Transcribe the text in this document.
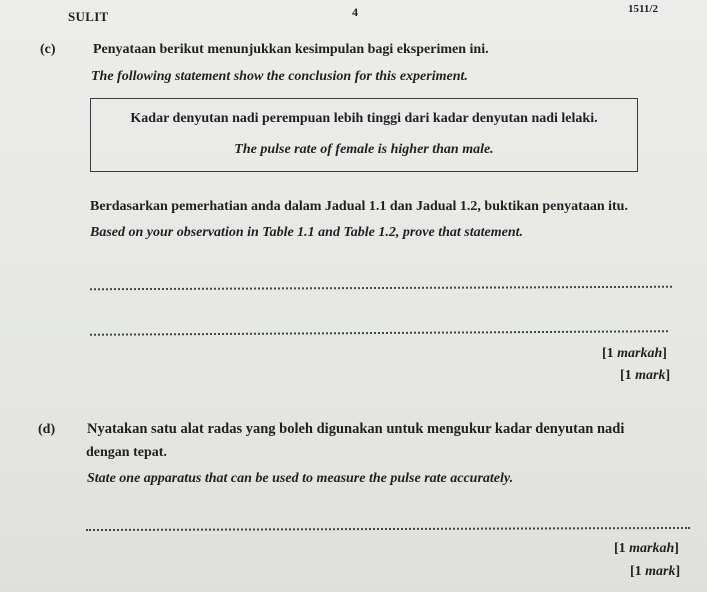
SULIT	4	1511/2
(c)	Penyataan berikut menunjukkan kesimpulan bagi eksperimen ini.
The following statement show the conclusion for this experiment.
Kadar denyutan nadi perempuan lebih tinggi dari kadar denyutan nadi lelaki.
The pulse rate of female is higher than male.
Berdasarkan pemerhatian anda dalam Jadual 1.1 dan Jadual 1.2, buktikan penyataan itu.
Based on your observation in Table 1.1 and Table 1.2, prove that statement.
[1 markah]
[1 mark]
(d) Nyatakan satu alat radas yang boleh digunakan untuk mengukur kadar denyutan nadi
dengan tepat.
State one apparatus that can be used to measure the pulse rate accurately.
[1 markah]
[1 mark]
